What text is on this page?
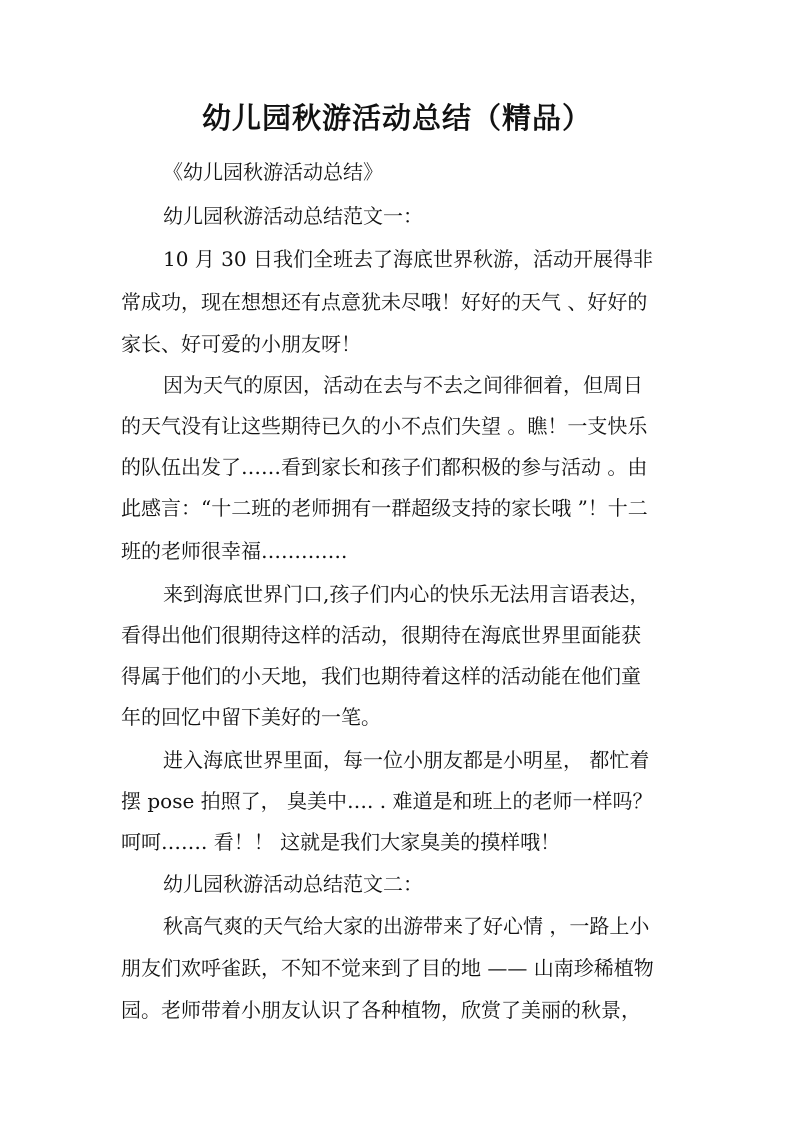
幼儿园秋游活动总结（精品）
《幼儿园秋游活动总结》
幼儿园秋游活动总结范文一：
10 月 30 日我们全班去了海底世界秋游，活动开展得非
常成功，现在想想还有点意犹未尽哦！好好的天气 、好好的
家长、好可爱的小朋友呀！
因为天气的原因，活动在去与不去之间徘徊着，但周日
的天气没有让这些期待已久的小不点们失望 。瞧！一支快乐
的队伍出发了……看到家长和孩子们都积极的参与活动 。由
此感言：“十二班的老师拥有一群超级支持的家长哦 ”！十二
班的老师很幸福………….
来到海底世界门口,孩子们内心的快乐无法用言语表达，
看得出他们很期待这样的活动，很期待在海底世界里面能获
得属于他们的小天地，我们也期待着这样的活动能在他们童
年的回忆中留下美好的一笔。
进入海底世界里面，每一位小朋友都是小明星， 都忙着
摆 pose 拍照了， 臭美中…. . 难道是和班上的老师一样吗？
呵呵……. 看！！ 这就是我们大家臭美的摸样哦！
幼儿园秋游活动总结范文二：
秋高气爽的天气给大家的出游带来了好心情 ，一路上小
朋友们欢呼雀跃，不知不觉来到了目的地 —— 山南珍稀植物
园。老师带着小朋友认识了各种植物，欣赏了美丽的秋景，
